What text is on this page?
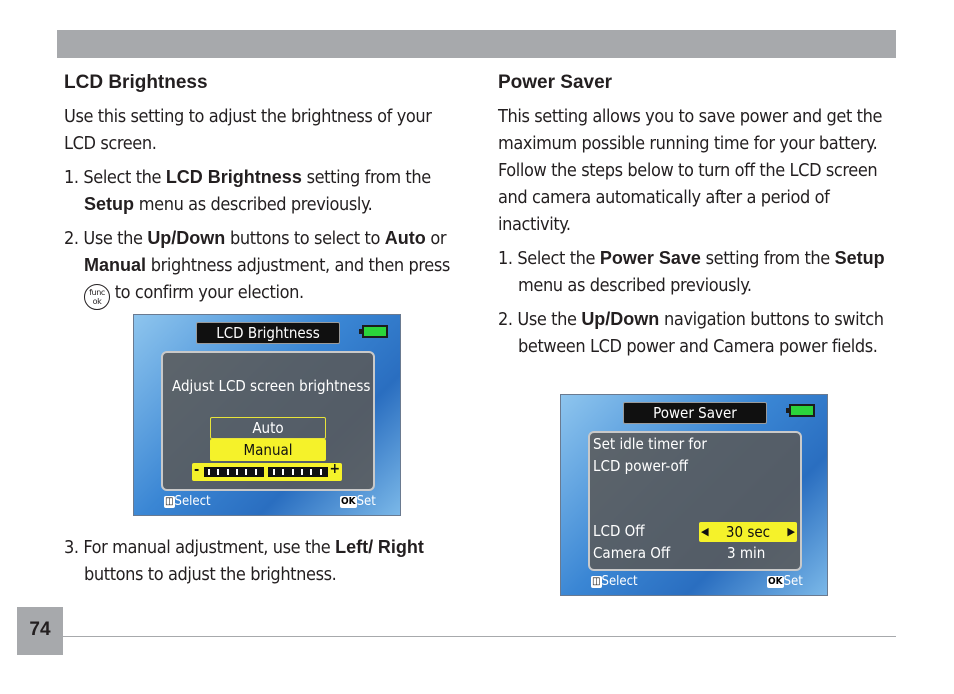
LCD Brightness

Use this setting to adjust the brightness of your LCD screen.

1. Select the LCD Brightness setting from the Setup menu as described previously.

2. Use the Up/Down buttons to select to Auto or Manual brightness adjustment, and then press func
ok to confirm your election.

LCD Brightness
Adjust LCD screen brightness
Auto
Manual
-	+
◫Select	OKSet

3. For manual adjustment, use the Left/ Right buttons to adjust the brightness.

Power Saver

This setting allows you to save power and get the maximum possible running time for your battery. Follow the steps below to turn off the LCD screen and camera automatically after a period of inactivity.

1. Select the Power Save setting from the Setup menu as described previously.

2. Use the Up/Down navigation buttons to switch between LCD power and Camera power fields.

Power Saver
Set idle timer for
LCD power-off
LCD Off	◀ 30 sec ▶
Camera Off	3 min
◫Select	OKSet
74
